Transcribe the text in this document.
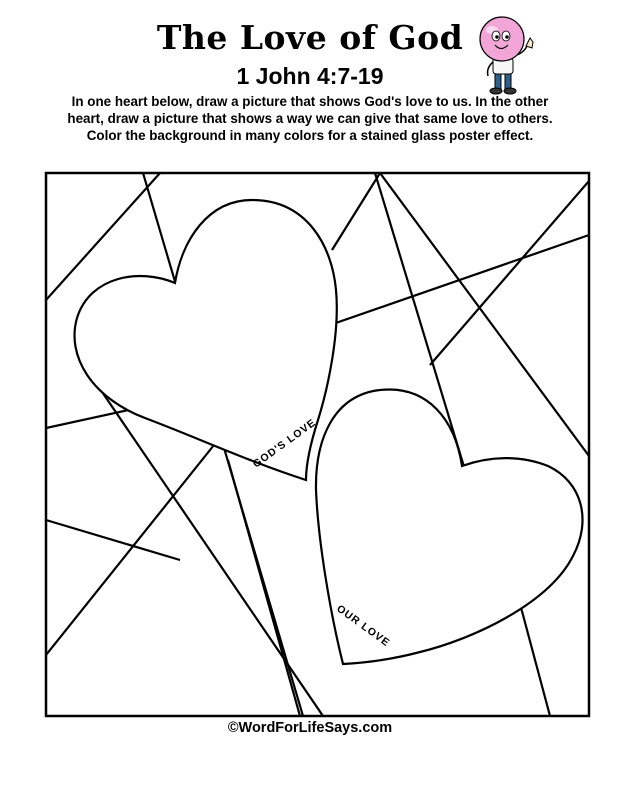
The Love of God
1 John 4:7-19
In one heart below, draw a picture that shows God's love to us. In the other
heart, draw a picture that shows a way we can give that same love to others.
Color the background in many colors for a stained glass poster effect.
GOD'S LOVE
OUR LOVE
©WordForLifeSays.com
